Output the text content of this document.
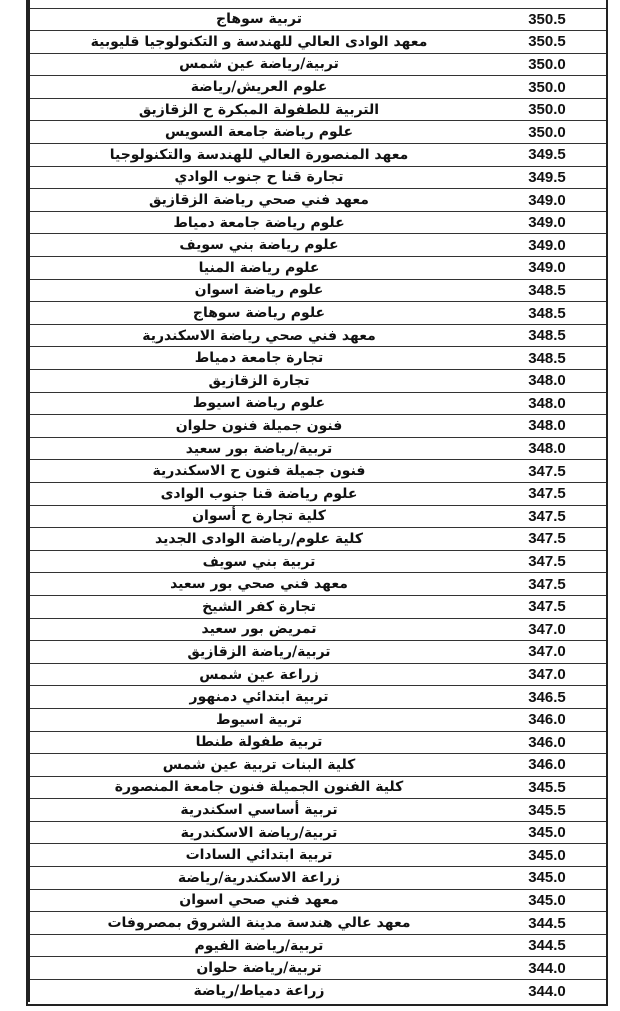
تربية سوهاج	350.5
معهد الوادى العالي للهندسة و التكنولوجيا قليوبية	350.5
تربية/رياضة عين شمس	350.0
علوم العريش/رياضة	350.0
التربية للطفولة المبكرة ح الزقازيق	350.0
علوم رياضة جامعة السويس	350.0
معهد المنصورة العالي للهندسة والتكنولوجيا	349.5
تجارة قنا ح جنوب الوادي	349.5
معهد فني صحي رياضة الزقازيق	349.0
علوم رياضة جامعة دمياط	349.0
علوم رياضة بني سويف	349.0
علوم رياضة المنيا	349.0
علوم رياضة اسوان	348.5
علوم رياضة سوهاج	348.5
معهد فني صحي رياضة الاسكندرية	348.5
تجارة جامعة دمياط	348.5
تجارة الزقازيق	348.0
علوم رياضة اسيوط	348.0
فنون جميلة فنون حلوان	348.0
تربية/رياضة بور سعيد	348.0
فنون جميلة فنون ح الاسكندرية	347.5
علوم رياضة قنا جنوب الوادى	347.5
كلية تجارة ح أسوان	347.5
كلية علوم/رياضة الوادى الجديد	347.5
تربية بني سويف	347.5
معهد فني صحي بور سعيد	347.5
تجارة كفر الشيخ	347.5
تمريض بور سعيد	347.0
تربية/رياضة الزقازيق	347.0
زراعة عين شمس	347.0
تربية ابتدائي دمنهور	346.5
تربية اسيوط	346.0
تربية طفولة طنطا	346.0
كلية البنات تربية عين شمس	346.0
كلية الفنون الجميلة فنون جامعة المنصورة	345.5
تربية أساسي اسكندرية	345.5
تربية/رياضة الاسكندرية	345.0
تربية ابتدائي السادات	345.0
زراعة الاسكندرية/رياضة	345.0
معهد فني صحي اسوان	345.0
معهد عالي هندسة مدينة الشروق بمصروفات	344.5
تربية/رياضة الفيوم	344.5
تربية/رياضة حلوان	344.0
زراعة دمياط/رياضة	344.0
